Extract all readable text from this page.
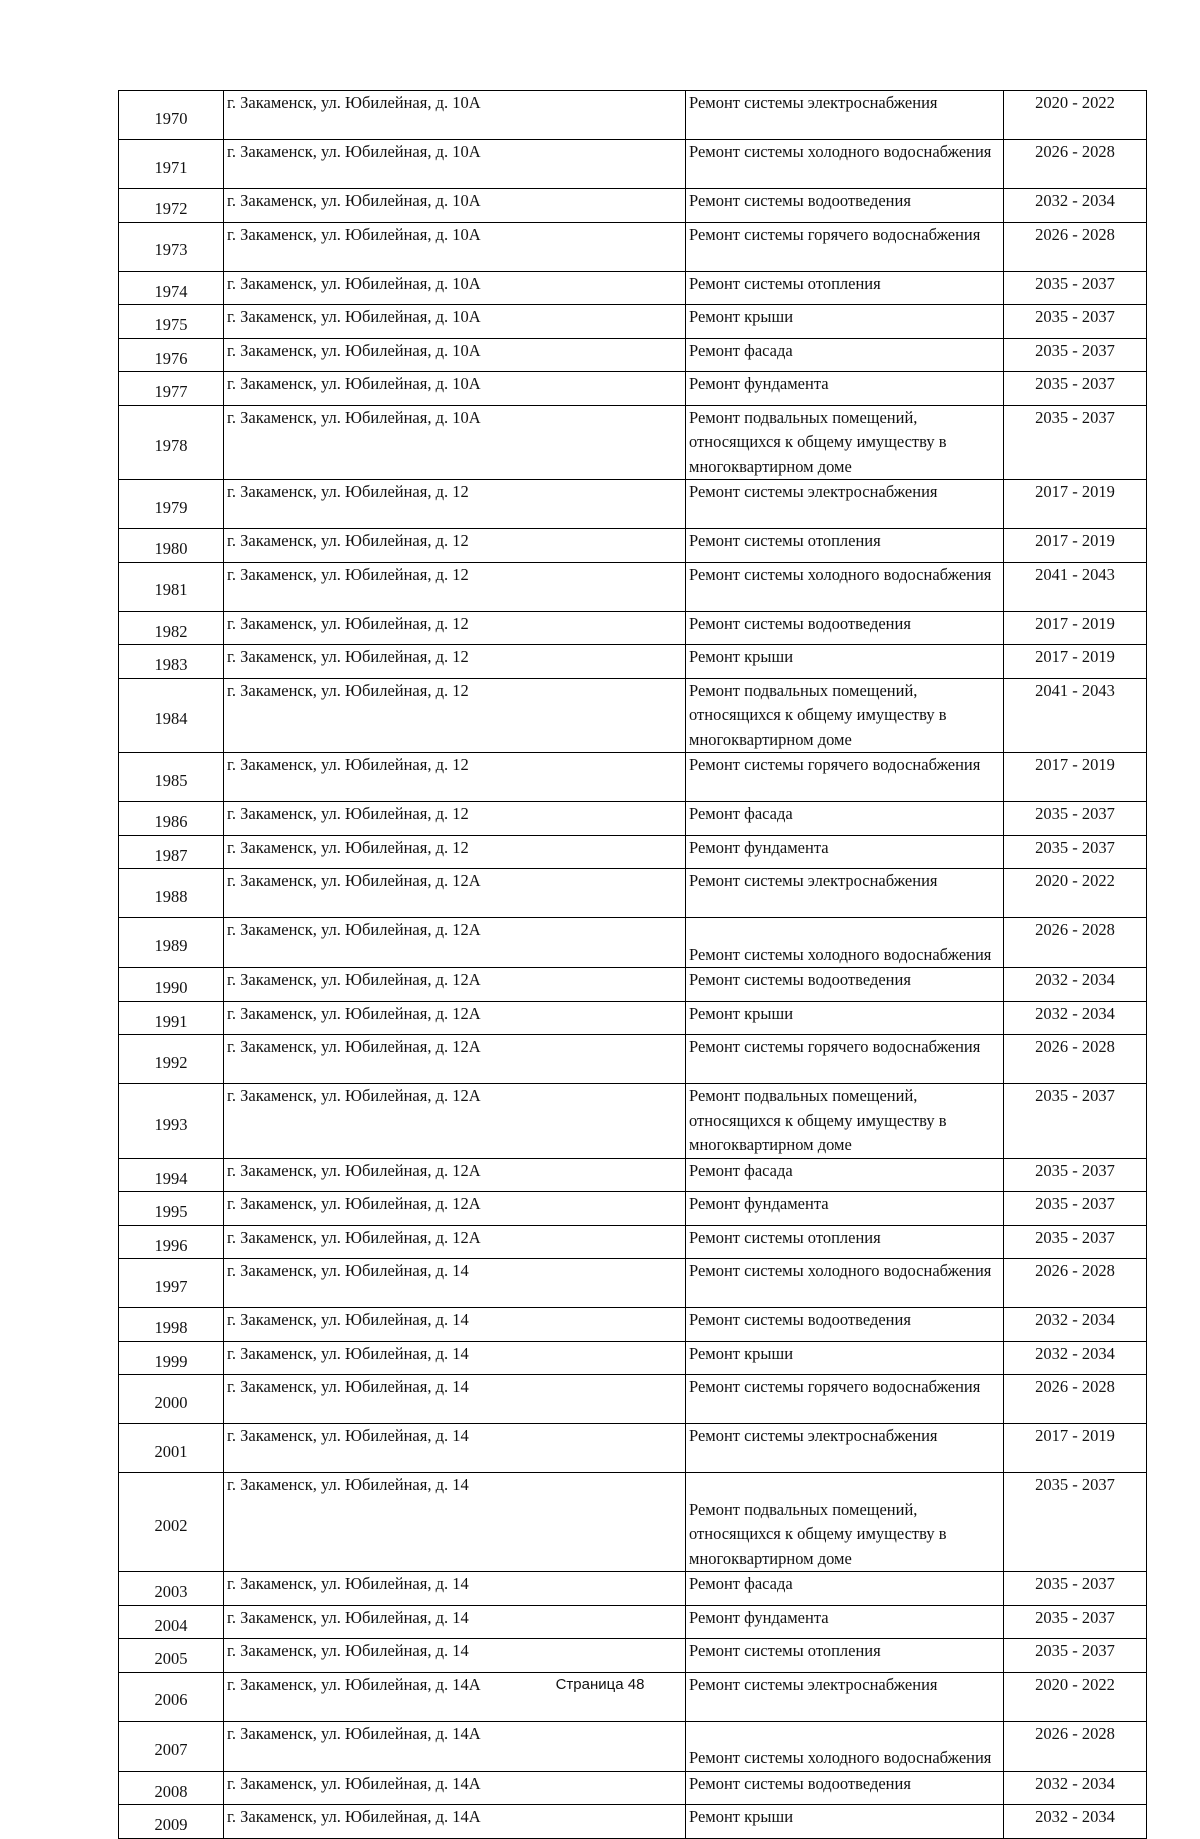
1970	г. Закаменск, ул. Юбилейная, д. 10А	Ремонт системы электроснабжения	2020 - 2022
1971	г. Закаменск, ул. Юбилейная, д. 10А	Ремонт системы холодного водоснабжения	2026 - 2028
1972	г. Закаменск, ул. Юбилейная, д. 10А	Ремонт системы водоотведения	2032 - 2034
1973	г. Закаменск, ул. Юбилейная, д. 10А	Ремонт системы горячего водоснабжения	2026 - 2028
1974	г. Закаменск, ул. Юбилейная, д. 10А	Ремонт системы отопления	2035 - 2037
1975	г. Закаменск, ул. Юбилейная, д. 10А	Ремонт крыши	2035 - 2037
1976	г. Закаменск, ул. Юбилейная, д. 10А	Ремонт фасада	2035 - 2037
1977	г. Закаменск, ул. Юбилейная, д. 10А	Ремонт фундамента	2035 - 2037
1978	г. Закаменск, ул. Юбилейная, д. 10А	Ремонт подвальных помещений, относящихся к общему имуществу в многоквартирном доме	2035 - 2037
1979	г. Закаменск, ул. Юбилейная, д. 12	Ремонт системы электроснабжения	2017 - 2019
1980	г. Закаменск, ул. Юбилейная, д. 12	Ремонт системы отопления	2017 - 2019
1981	г. Закаменск, ул. Юбилейная, д. 12	Ремонт системы холодного водоснабжения	2041 - 2043
1982	г. Закаменск, ул. Юбилейная, д. 12	Ремонт системы водоотведения	2017 - 2019
1983	г. Закаменск, ул. Юбилейная, д. 12	Ремонт крыши	2017 - 2019
1984	г. Закаменск, ул. Юбилейная, д. 12	Ремонт подвальных помещений, относящихся к общему имуществу в многоквартирном доме	2041 - 2043
1985	г. Закаменск, ул. Юбилейная, д. 12	Ремонт системы горячего водоснабжения	2017 - 2019
1986	г. Закаменск, ул. Юбилейная, д. 12	Ремонт фасада	2035 - 2037
1987	г. Закаменск, ул. Юбилейная, д. 12	Ремонт фундамента	2035 - 2037
1988	г. Закаменск, ул. Юбилейная, д. 12А	Ремонт системы электроснабжения	2020 - 2022
1989	г. Закаменск, ул. Юбилейная, д. 12А	Ремонт системы холодного водоснабжения	2026 - 2028
1990	г. Закаменск, ул. Юбилейная, д. 12А	Ремонт системы водоотведения	2032 - 2034
1991	г. Закаменск, ул. Юбилейная, д. 12А	Ремонт крыши	2032 - 2034
1992	г. Закаменск, ул. Юбилейная, д. 12А	Ремонт системы горячего водоснабжения	2026 - 2028
1993	г. Закаменск, ул. Юбилейная, д. 12А	Ремонт подвальных помещений, относящихся к общему имуществу в многоквартирном доме	2035 - 2037
1994	г. Закаменск, ул. Юбилейная, д. 12А	Ремонт фасада	2035 - 2037
1995	г. Закаменск, ул. Юбилейная, д. 12А	Ремонт фундамента	2035 - 2037
1996	г. Закаменск, ул. Юбилейная, д. 12А	Ремонт системы отопления	2035 - 2037
1997	г. Закаменск, ул. Юбилейная, д. 14	Ремонт системы холодного водоснабжения	2026 - 2028
1998	г. Закаменск, ул. Юбилейная, д. 14	Ремонт системы водоотведения	2032 - 2034
1999	г. Закаменск, ул. Юбилейная, д. 14	Ремонт крыши	2032 - 2034
2000	г. Закаменск, ул. Юбилейная, д. 14	Ремонт системы горячего водоснабжения	2026 - 2028
2001	г. Закаменск, ул. Юбилейная, д. 14	Ремонт системы электроснабжения	2017 - 2019
2002	г. Закаменск, ул. Юбилейная, д. 14	Ремонт подвальных помещений, относящихся к общему имуществу в многоквартирном доме	2035 - 2037
2003	г. Закаменск, ул. Юбилейная, д. 14	Ремонт фасада	2035 - 2037
2004	г. Закаменск, ул. Юбилейная, д. 14	Ремонт фундамента	2035 - 2037
2005	г. Закаменск, ул. Юбилейная, д. 14	Ремонт системы отопления	2035 - 2037
2006	г. Закаменск, ул. Юбилейная, д. 14А	Ремонт системы электроснабжения	2020 - 2022
2007	г. Закаменск, ул. Юбилейная, д. 14А	Ремонт системы холодного водоснабжения	2026 - 2028
2008	г. Закаменск, ул. Юбилейная, д. 14А	Ремонт системы водоотведения	2032 - 2034
2009	г. Закаменск, ул. Юбилейная, д. 14А	Ремонт крыши	2032 - 2034
Страница 48
